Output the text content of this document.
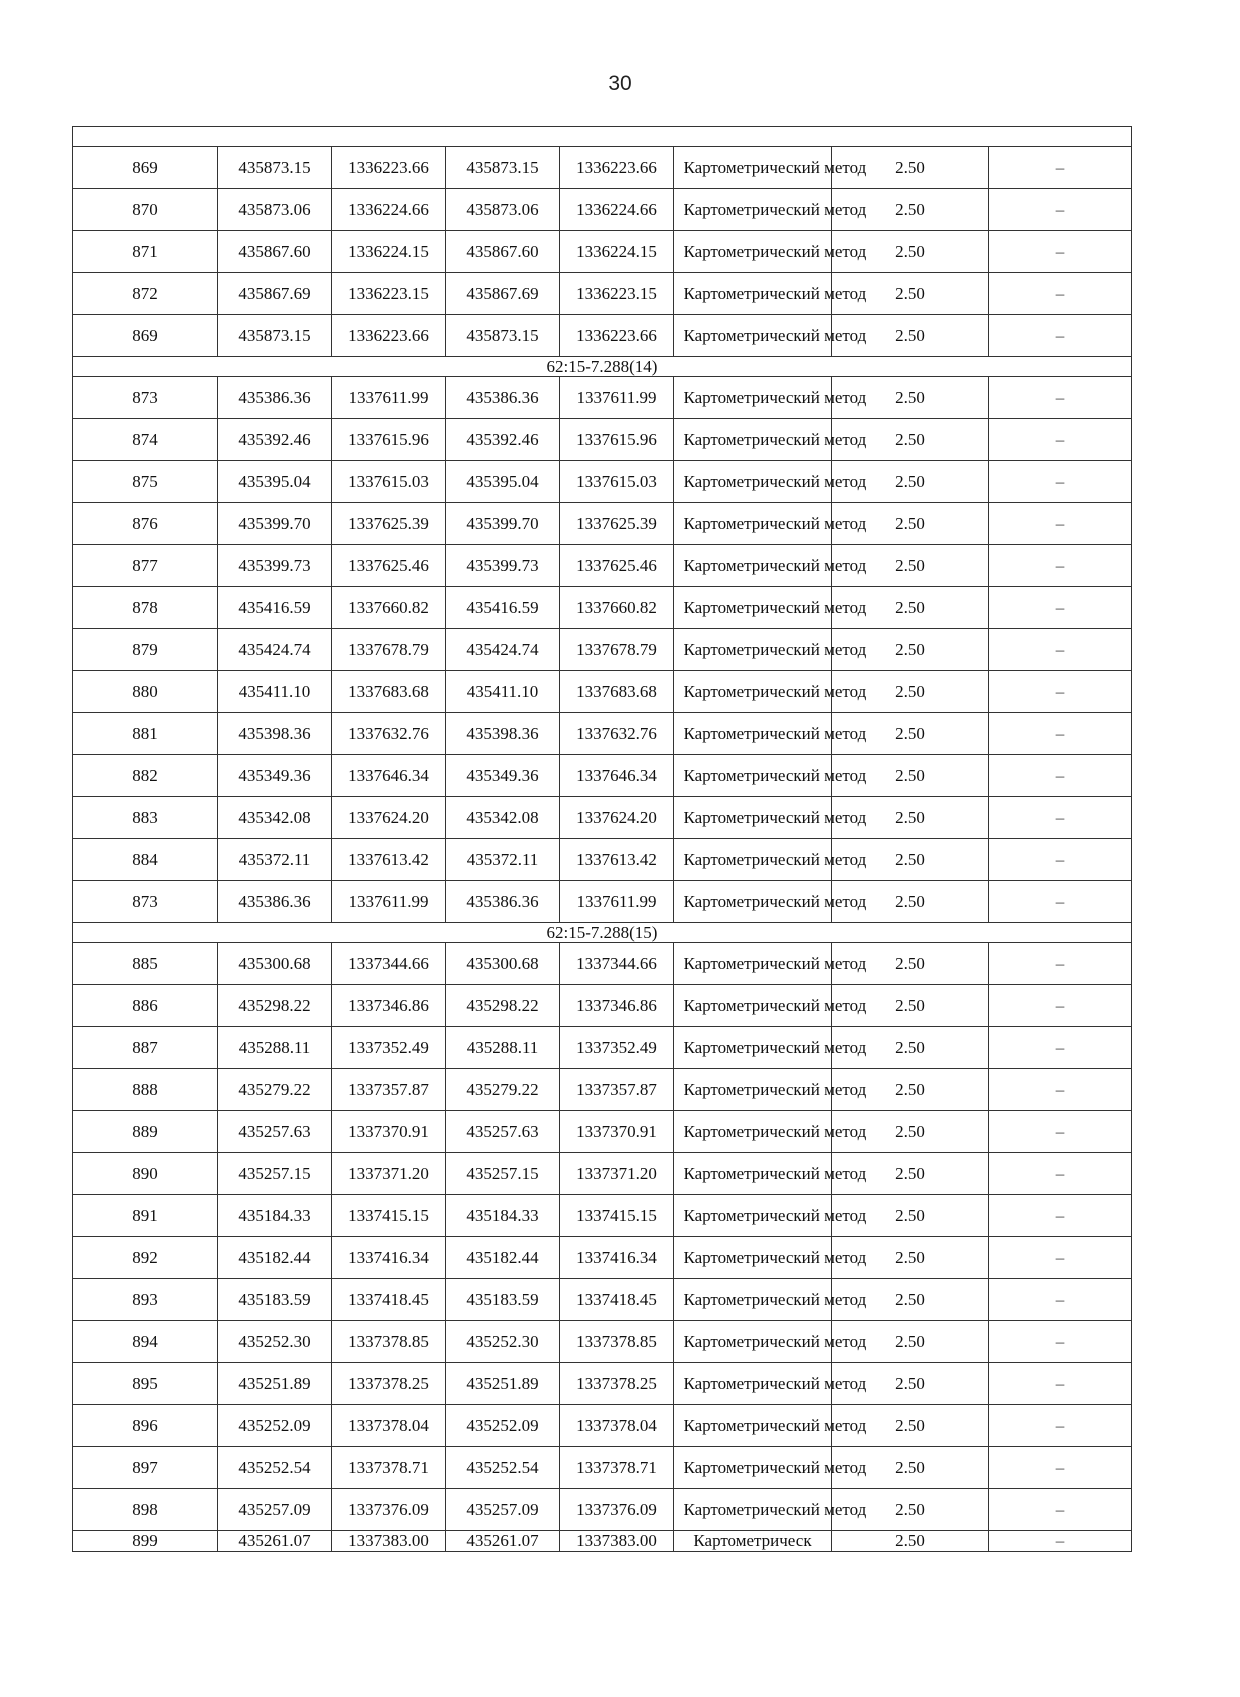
30

869	435873.15	1336223.66	435873.15	1336223.66	Картометрический метод	2.50	–
870	435873.06	1336224.66	435873.06	1336224.66	Картометрический метод	2.50	–
871	435867.60	1336224.15	435867.60	1336224.15	Картометрический метод	2.50	–
872	435867.69	1336223.15	435867.69	1336223.15	Картометрический метод	2.50	–
869	435873.15	1336223.66	435873.15	1336223.66	Картометрический метод	2.50	–
62:15-7.288(14)							
873	435386.36	1337611.99	435386.36	1337611.99	Картометрический метод	2.50	–
874	435392.46	1337615.96	435392.46	1337615.96	Картометрический метод	2.50	–
875	435395.04	1337615.03	435395.04	1337615.03	Картометрический метод	2.50	–
876	435399.70	1337625.39	435399.70	1337625.39	Картометрический метод	2.50	–
877	435399.73	1337625.46	435399.73	1337625.46	Картометрический метод	2.50	–
878	435416.59	1337660.82	435416.59	1337660.82	Картометрический метод	2.50	–
879	435424.74	1337678.79	435424.74	1337678.79	Картометрический метод	2.50	–
880	435411.10	1337683.68	435411.10	1337683.68	Картометрический метод	2.50	–
881	435398.36	1337632.76	435398.36	1337632.76	Картометрический метод	2.50	–
882	435349.36	1337646.34	435349.36	1337646.34	Картометрический метод	2.50	–
883	435342.08	1337624.20	435342.08	1337624.20	Картометрический метод	2.50	–
884	435372.11	1337613.42	435372.11	1337613.42	Картометрический метод	2.50	–
873	435386.36	1337611.99	435386.36	1337611.99	Картометрический метод	2.50	–
62:15-7.288(15)							
885	435300.68	1337344.66	435300.68	1337344.66	Картометрический метод	2.50	–
886	435298.22	1337346.86	435298.22	1337346.86	Картометрический метод	2.50	–
887	435288.11	1337352.49	435288.11	1337352.49	Картометрический метод	2.50	–
888	435279.22	1337357.87	435279.22	1337357.87	Картометрический метод	2.50	–
889	435257.63	1337370.91	435257.63	1337370.91	Картометрический метод	2.50	–
890	435257.15	1337371.20	435257.15	1337371.20	Картометрический метод	2.50	–
891	435184.33	1337415.15	435184.33	1337415.15	Картометрический метод	2.50	–
892	435182.44	1337416.34	435182.44	1337416.34	Картометрический метод	2.50	–
893	435183.59	1337418.45	435183.59	1337418.45	Картометрический метод	2.50	–
894	435252.30	1337378.85	435252.30	1337378.85	Картометрический метод	2.50	–
895	435251.89	1337378.25	435251.89	1337378.25	Картометрический метод	2.50	–
896	435252.09	1337378.04	435252.09	1337378.04	Картометрический метод	2.50	–
897	435252.54	1337378.71	435252.54	1337378.71	Картометрический метод	2.50	–
898	435257.09	1337376.09	435257.09	1337376.09	Картометрический метод	2.50	–
899	435261.07	1337383.00	435261.07	1337383.00	Картометрическ	2.50	–
